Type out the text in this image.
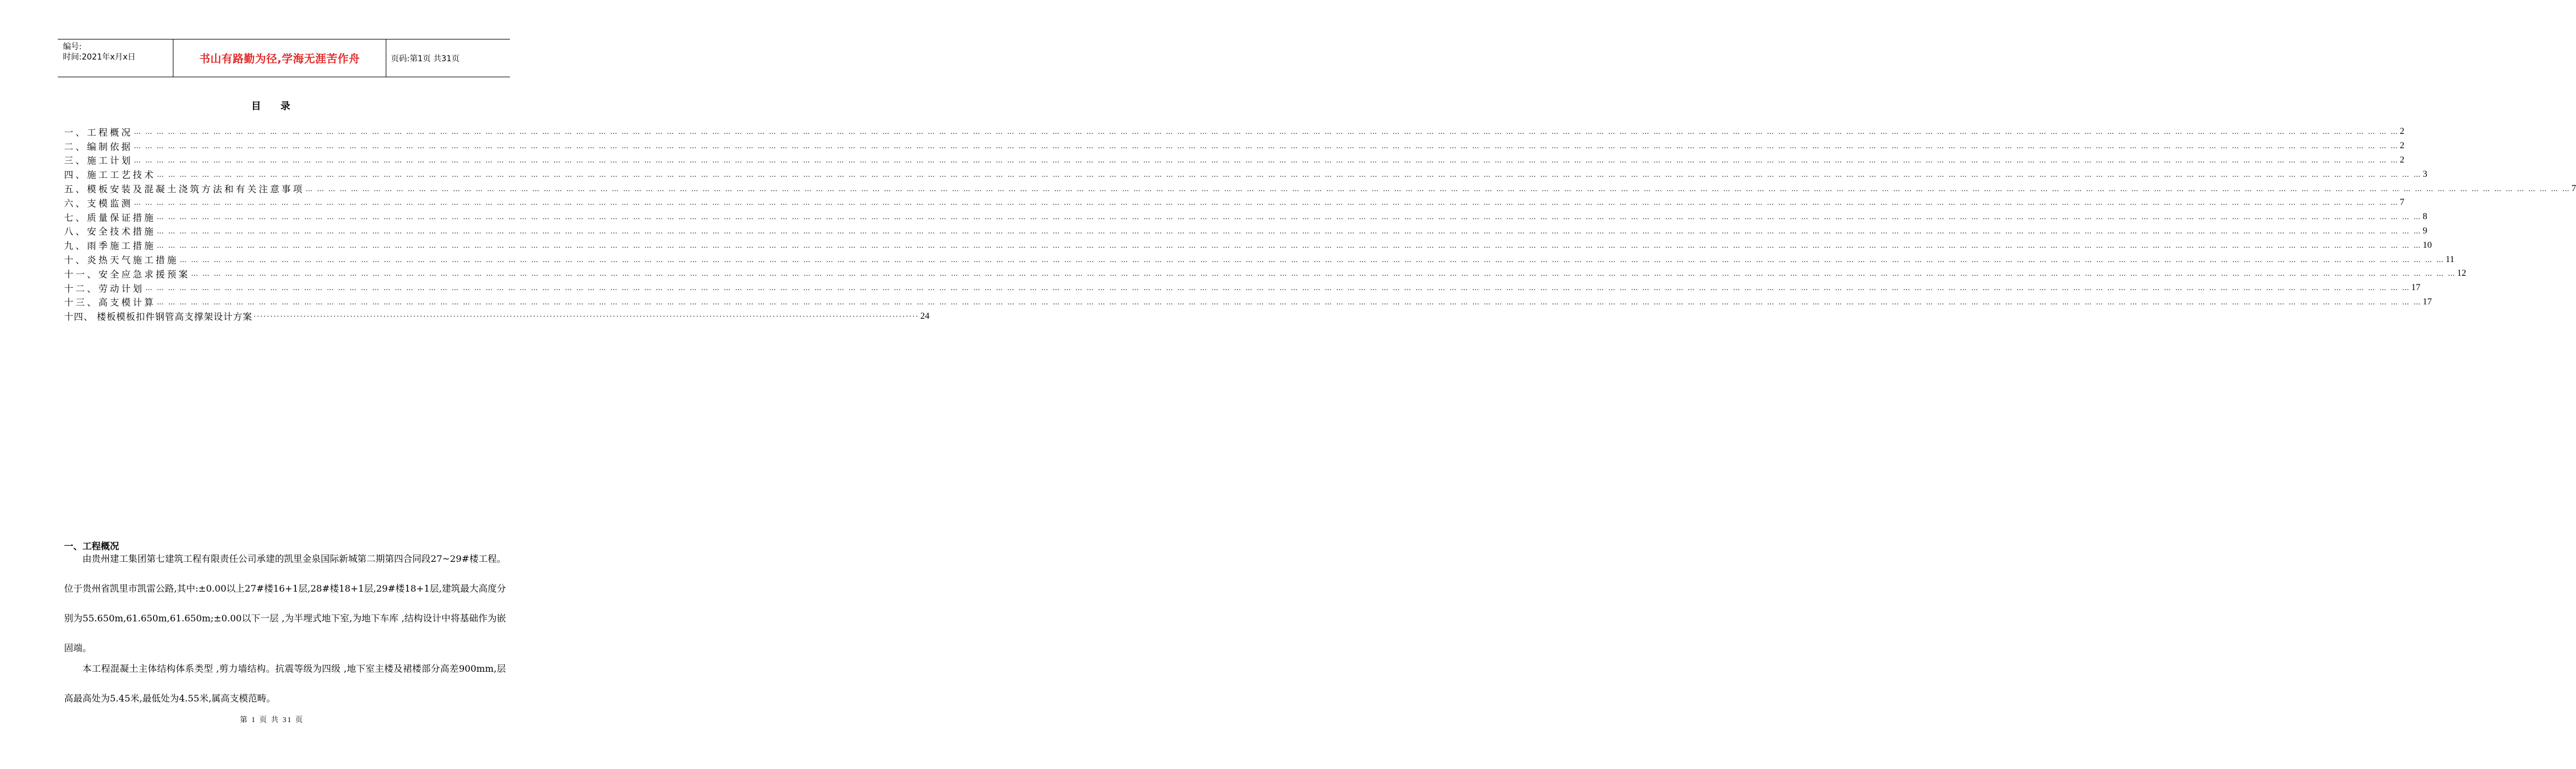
编号:
时间:2021年x月x日	书山有路勤为径,学海无涯苦作舟	页码:第1页 共31页
目 录
一、工程概况 … … … … … … … … … … … … … … … … … … … … … … … … … … … … … … … … … … … … … … … … … … … … … … … … … … … … … … … … … … … … … … … … … … … … … … … … … … … … … … … … … … … … … … … … … … … … … … … … … … … … … … … … … … … … … … … … … … … … … … … … … … … … … … … … … … … … … … … … … … … … … … … … … … … … … … … … … … … … … … … … … … … … … … … … … … … … … … … … … … … … … … … … … … … … … … … … … … … … … … … … 2
二、编制依据 … … … … … … … … … … … … … … … … … … … … … … … … … … … … … … … … … … … … … … … … … … … … … … … … … … … … … … … … … … … … … … … … … … … … … … … … … … … … … … … … … … … … … … … … … … … … … … … … … … … … … … … … … … … … … … … … … … … … … … … … … … … … … … … … … … … … … … … … … … … … … … … … … … … … … … … … … … … … … … … … … … … … … … … … … … … … … … … … … … … … … … … … … … … … … … … … … … … … … … … … 2
三、施工计划 … … … … … … … … … … … … … … … … … … … … … … … … … … … … … … … … … … … … … … … … … … … … … … … … … … … … … … … … … … … … … … … … … … … … … … … … … … … … … … … … … … … … … … … … … … … … … … … … … … … … … … … … … … … … … … … … … … … … … … … … … … … … … … … … … … … … … … … … … … … … … … … … … … … … … … … … … … … … … … … … … … … … … … … … … … … … … … … … … … … … … … … … … … … … … … … … … … … … … … … … 2
四、施工工艺技术 … … … … … … … … … … … … … … … … … … … … … … … … … … … … … … … … … … … … … … … … … … … … … … … … … … … … … … … … … … … … … … … … … … … … … … … … … … … … … … … … … … … … … … … … … … … … … … … … … … … … … … … … … … … … … … … … … … … … … … … … … … … … … … … … … … … … … … … … … … … … … … … … … … … … … … … … … … … … … … … … … … … … … … … … … … … … … … … … … … … … … … … … … … … … … … … … … … … … … … … … 3
五、模板安装及混凝土浇筑方法和有关注意事项 … … … … … … … … … … … … … … … … … … … … … … … … … … … … … … … … … … … … … … … … … … … … … … … … … … … … … … … … … … … … … … … … … … … … … … … … … … … … … … … … … … … … … … … … … … … … … … … … … … … … … … … … … … … … … … … … … … … … … … … … … … … … … … … … … … … … … … … … … … … … … … … … … … … … … … … … … … … … … … … … … … … … … … … … … … … … … … … … … … … … … … … … … … … … … … … … … … … … … … … … 7
六、支模监测 … … … … … … … … … … … … … … … … … … … … … … … … … … … … … … … … … … … … … … … … … … … … … … … … … … … … … … … … … … … … … … … … … … … … … … … … … … … … … … … … … … … … … … … … … … … … … … … … … … … … … … … … … … … … … … … … … … … … … … … … … … … … … … … … … … … … … … … … … … … … … … … … … … … … … … … … … … … … … … … … … … … … … … … … … … … … … … … … … … … … … … … … … … … … … … … … … … … … … … … … 7
七、质量保证措施 … … … … … … … … … … … … … … … … … … … … … … … … … … … … … … … … … … … … … … … … … … … … … … … … … … … … … … … … … … … … … … … … … … … … … … … … … … … … … … … … … … … … … … … … … … … … … … … … … … … … … … … … … … … … … … … … … … … … … … … … … … … … … … … … … … … … … … … … … … … … … … … … … … … … … … … … … … … … … … … … … … … … … … … … … … … … … … … … … … … … … … … … … … … … … … … … … … … … … … … … 8
八、安全技术措施 … … … … … … … … … … … … … … … … … … … … … … … … … … … … … … … … … … … … … … … … … … … … … … … … … … … … … … … … … … … … … … … … … … … … … … … … … … … … … … … … … … … … … … … … … … … … … … … … … … … … … … … … … … … … … … … … … … … … … … … … … … … … … … … … … … … … … … … … … … … … … … … … … … … … … … … … … … … … … … … … … … … … … … … … … … … … … … … … … … … … … … … … … … … … … … … … … … … … … … … … 9
九、雨季施工措施 … … … … … … … … … … … … … … … … … … … … … … … … … … … … … … … … … … … … … … … … … … … … … … … … … … … … … … … … … … … … … … … … … … … … … … … … … … … … … … … … … … … … … … … … … … … … … … … … … … … … … … … … … … … … … … … … … … … … … … … … … … … … … … … … … … … … … … … … … … … … … … … … … … … … … … … … … … … … … … … … … … … … … … … … … … … … … … … … … … … … … … … … … … … … … … … … … … … … … … … … 10
十、炎热天气施工措施 … … … … … … … … … … … … … … … … … … … … … … … … … … … … … … … … … … … … … … … … … … … … … … … … … … … … … … … … … … … … … … … … … … … … … … … … … … … … … … … … … … … … … … … … … … … … … … … … … … … … … … … … … … … … … … … … … … … … … … … … … … … … … … … … … … … … … … … … … … … … … … … … … … … … … … … … … … … … … … … … … … … … … … … … … … … … … … … … … … … … … … … … … … … … … … … … … … … … … … … … 11
十一、安全应急求援预案 … … … … … … … … … … … … … … … … … … … … … … … … … … … … … … … … … … … … … … … … … … … … … … … … … … … … … … … … … … … … … … … … … … … … … … … … … … … … … … … … … … … … … … … … … … … … … … … … … … … … … … … … … … … … … … … … … … … … … … … … … … … … … … … … … … … … … … … … … … … … … … … … … … … … … … … … … … … … … … … … … … … … … … … … … … … … … … … … … … … … … … … … … … … … … … … … … … … … … … … … 12
十二、劳动计划 … … … … … … … … … … … … … … … … … … … … … … … … … … … … … … … … … … … … … … … … … … … … … … … … … … … … … … … … … … … … … … … … … … … … … … … … … … … … … … … … … … … … … … … … … … … … … … … … … … … … … … … … … … … … … … … … … … … … … … … … … … … … … … … … … … … … … … … … … … … … … … … … … … … … … … … … … … … … … … … … … … … … … … … … … … … … … … … … … … … … … … … … … … … … … … … … … … … … … … … … 17
十三、高支模计算 … … … … … … … … … … … … … … … … … … … … … … … … … … … … … … … … … … … … … … … … … … … … … … … … … … … … … … … … … … … … … … … … … … … … … … … … … … … … … … … … … … … … … … … … … … … … … … … … … … … … … … … … … … … … … … … … … … … … … … … … … … … … … … … … … … … … … … … … … … … … … … … … … … … … … … … … … … … … … … … … … … … … … … … … … … … … … … … … … … … … … … … … … … … … … … … … … … … … … … … … 17
十四、 楼板模板扣件钢管高支撑架设计方案 ········································································································································································································ 24
一、工程概况
由贵州建工集团第七建筑工程有限责任公司承建的凯里金泉国际新城第二期第四合同段27~29#楼工程。位于贵州省凯里市凯雷公路,其中:±0.00以上27#楼16+1层,28#楼18+1层,29#楼18+1层,建筑最大高度分别为55.650m,61.650m,61.650m;±0.00以下一层 ,为半埋式地下室,为地下车库 ,结构设计中将基础作为嵌固端。
本工程混凝土主体结构体系类型 ,剪力墙结构。抗震等级为四级 ,地下室主楼及裙楼部分高差900mm,层高最高处为5.45米,最低处为4.55米,属高支模范畴。
第 1 页 共 31 页
